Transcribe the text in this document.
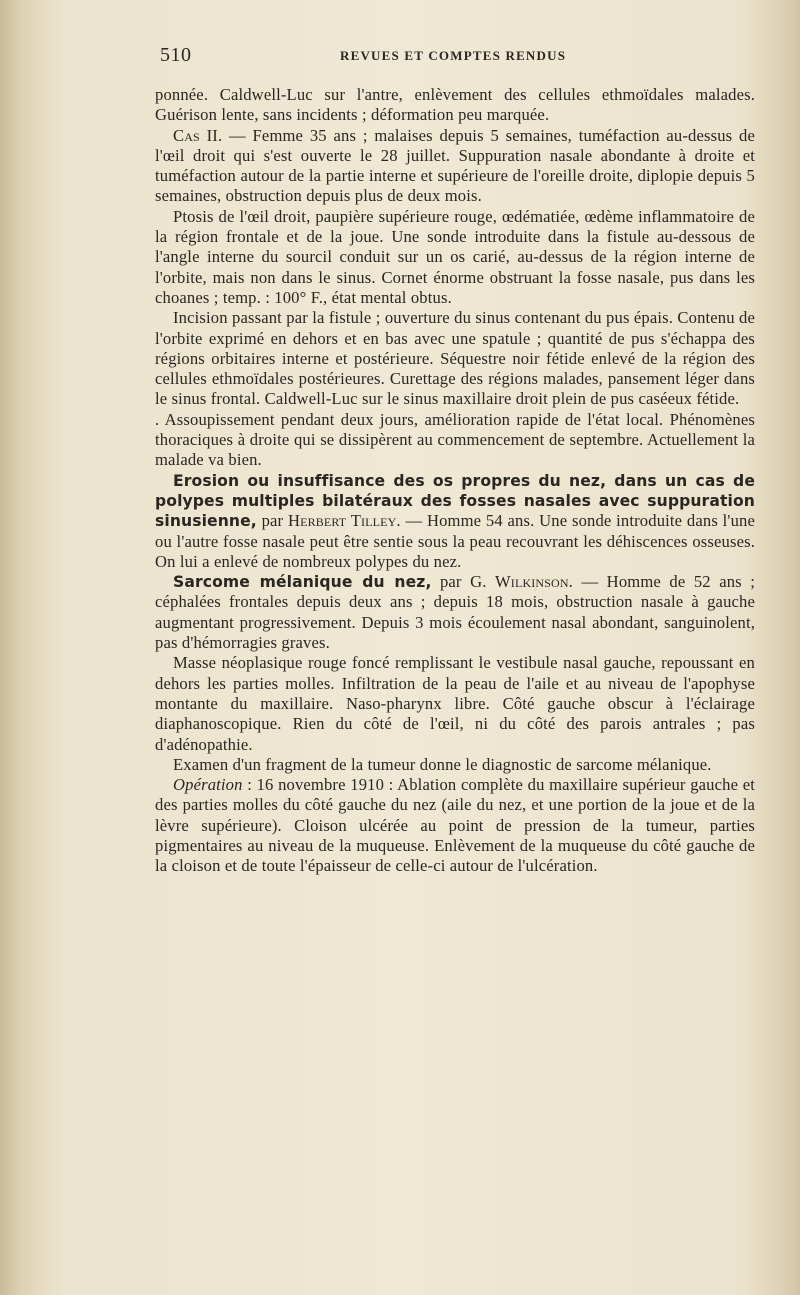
510	REVUES ET COMPTES RENDUS

ponnée. Caldwell-Luc sur l'antre, enlèvement des cellules ethmoïdales malades. Guérison lente, sans incidents ; déformation peu marquée.

Cas II. — Femme 35 ans ; malaises depuis 5 semaines, tuméfaction au-dessus de l'œil droit qui s'est ouverte le 28 juillet. Suppuration nasale abondante à droite et tuméfaction autour de la partie interne et supérieure de l'oreille droite, diplopie depuis 5 semaines, obstruction depuis plus de deux mois.

Ptosis de l'œil droit, paupière supérieure rouge, œdématiée, œdème inflammatoire de la région frontale et de la joue. Une sonde introduite dans la fistule au-dessous de l'angle interne du sourcil conduit sur un os carié, au-dessus de la région interne de l'orbite, mais non dans le sinus. Cornet énorme obstruant la fosse nasale, pus dans les choanes ; temp. : 100° F., état mental obtus.

Incision passant par la fistule ; ouverture du sinus contenant du pus épais. Contenu de l'orbite exprimé en dehors et en bas avec une spatule ; quantité de pus s'échappa des régions orbitaires interne et postérieure. Séquestre noir fétide enlevé de la région des cellules ethmoïdales postérieures. Curettage des régions malades, pansement léger dans le sinus frontal. Caldwell-Luc sur le sinus maxillaire droit plein de pus caséeux fétide.

. Assoupissement pendant deux jours, amélioration rapide de l'état local. Phénomènes thoraciques à droite qui se dissipèrent au commencement de septembre. Actuellement la malade va bien.

Erosion ou insuffisance des os propres du nez, dans un cas de polypes multiples bilatéraux des fosses nasales avec suppuration sinusienne, par Herbert Tilley. — Homme 54 ans. Une sonde introduite dans l'une ou l'autre fosse nasale peut être sentie sous la peau recouvrant les déhiscences osseuses. On lui a enlevé de nombreux polypes du nez.

Sarcome mélanique du nez, par G. Wilkinson. — Homme de 52 ans ; céphalées frontales depuis deux ans ; depuis 18 mois, obstruction nasale à gauche augmentant progressivement. Depuis 3 mois écoulement nasal abondant, sanguinolent, pas d'hémorragies graves.

Masse néoplasique rouge foncé remplissant le vestibule nasal gauche, repoussant en dehors les parties molles. Infiltration de la peau de l'aile et au niveau de l'apophyse montante du maxillaire. Naso-pharynx libre. Côté gauche obscur à l'éclairage diaphanoscopique. Rien du côté de l'œil, ni du côté des parois antrales ; pas d'adénopathie.

Examen d'un fragment de la tumeur donne le diagnostic de sarcome mélanique.

Opération : 16 novembre 1910 : Ablation complète du maxillaire supérieur gauche et des parties molles du côté gauche du nez (aile du nez, et une portion de la joue et de la lèvre supérieure). Cloison ulcérée au point de pression de la tumeur, parties pigmentaires au niveau de la muqueuse. Enlèvement de la muqueuse du côté gauche de la cloison et de toute l'épaisseur de celle-ci autour de l'ulcération.
